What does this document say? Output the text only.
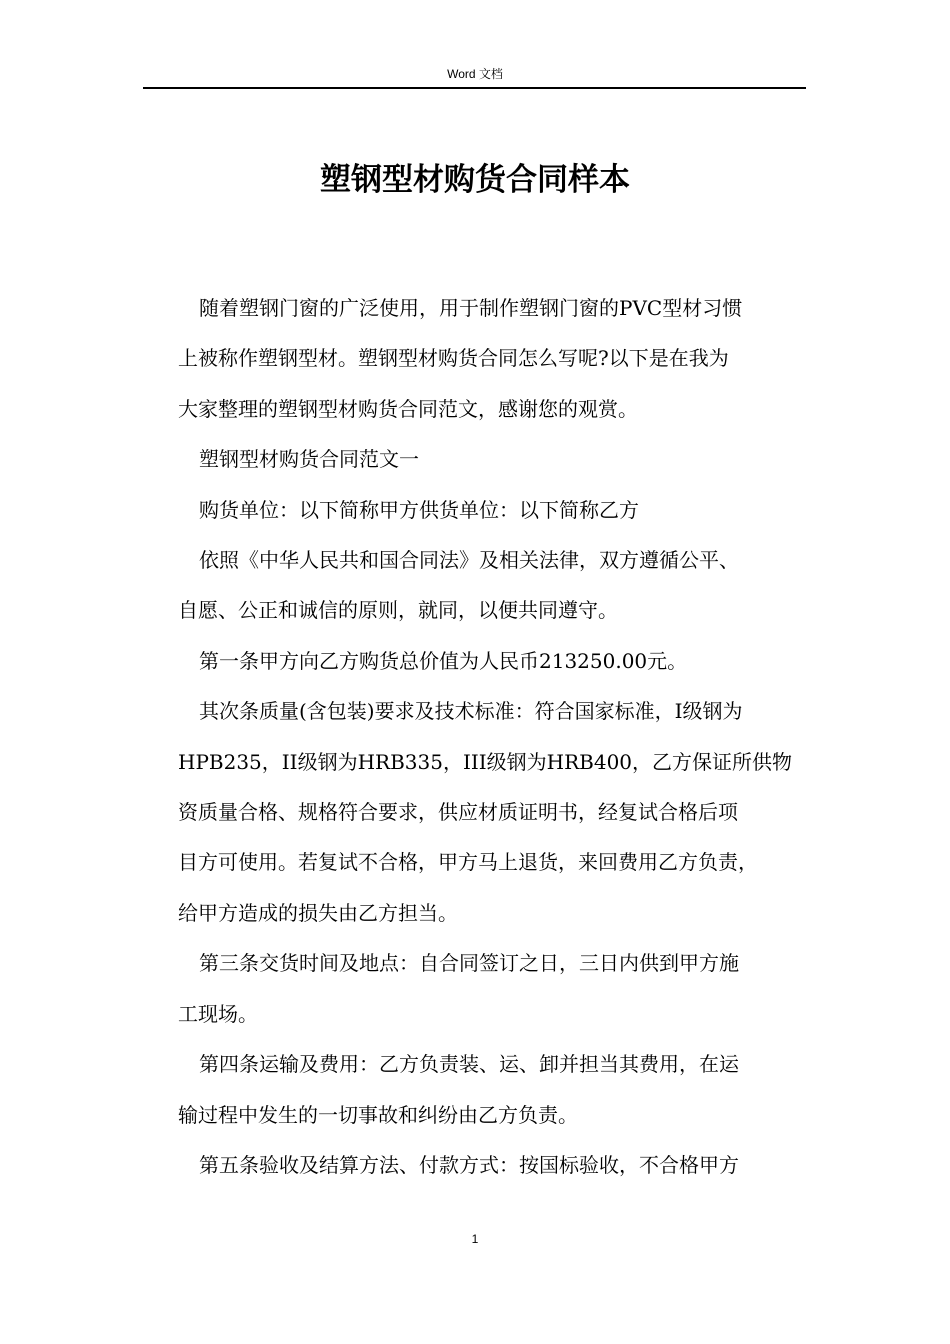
Word 文档
塑钢型材购货合同样本

随着塑钢门窗的广泛使用，用于制作塑钢门窗的PVC型材习惯
上被称作塑钢型材。塑钢型材购货合同怎么写呢?以下是在我为
大家整理的塑钢型材购货合同范文，感谢您的观赏。

塑钢型材购货合同范文一

购货单位：以下简称甲方供货单位：以下简称乙方

依照《中华人民共和国合同法》及相关法律，双方遵循公平、
自愿、公正和诚信的原则，就同，以便共同遵守。

第一条甲方向乙方购货总价值为人民币213250.00元。

其次条质量(含包装)要求及技术标准：符合国家标准，I级钢为
HPB235，II级钢为HRB335，III级钢为HRB400，乙方保证所供物
资质量合格、规格符合要求，供应材质证明书，经复试合格后项
目方可使用。若复试不合格，甲方马上退货，来回费用乙方负责，
给甲方造成的损失由乙方担当。

第三条交货时间及地点：自合同签订之日，三日内供到甲方施
工现场。

第四条运输及费用：乙方负责装、运、卸并担当其费用，在运
输过程中发生的一切事故和纠纷由乙方负责。

第五条验收及结算方法、付款方式：按国标验收，不合格甲方

1
